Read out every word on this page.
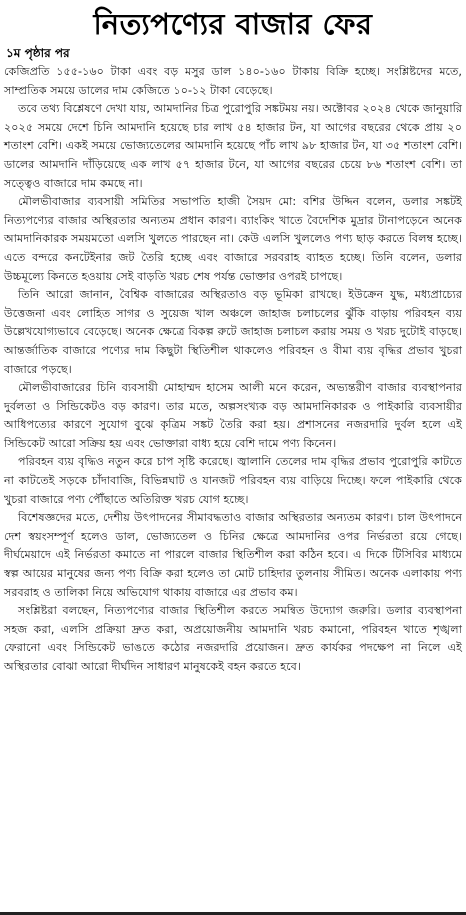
নিত্যপণ্যের বাজার ফের
১ম পৃষ্ঠার পর

কেজিপ্রতি ১৫৫-১৬০ টাকা এবং বড় মসুর ডাল ১৪০-১৬০ টাকায় বিক্রি হচ্ছে। সংশ্লিষ্টদের মতে, সাম্প্রতিক সময়ে ডালের দাম কেজিতে ১০-১২ টাকা বেড়েছে।

তবে তথ্য বিশ্লেষণে দেখা যায়, আমদানির চিত্র পুরোপুরি সঙ্কটময় নয়। অক্টোবর ২০২৪ থেকে জানুয়ারি ২০২৫ সময়ে দেশে চিনি আমদানি হয়েছে চার লাখ ৫৪ হাজার টন, যা আগের বছরের থেকে প্রায় ২০ শতাংশ বেশি। একই সময়ে ভোজ্যতেলের আমদানি হয়েছে পাঁচ লাখ ৯৮ হাজার টন, যা ৩৫ শতাংশ বেশি। ডালের আমদানি দাঁড়িয়েছে এক লাখ ৫৭ হাজার টনে, যা আগের বছরের চেয়ে ৮৬ শতাংশ বেশি। তা সত্ত্বেও বাজারে দাম কমছে না।

মৌলভীবাজার ব্যবসায়ী সমিতির সভাপতি হাজী সৈয়দ মো: বশির উদ্দিন বলেন, ডলার সঙ্কটই নিত্যপণ্যের বাজার অস্থিরতার অন্যতম প্রধান কারণ। ব্যাংকিং খাতে বৈদেশিক মুদ্রার টানাপড়েনে অনেক আমদানিকারক সময়মতো এলসি খুলতে পারছেন না। কেউ এলসি খুললেও পণ্য ছাড় করতে বিলম্ব হচ্ছে। এতে বন্দরে কনটেইনার জট তৈরি হচ্ছে এবং বাজারে সরবরাহ ব্যাহত হচ্ছে। তিনি বলেন, ডলার উচ্চমূল্যে কিনতে হওয়ায় সেই বাড়তি খরচ শেষ পর্যন্ত ভোক্তার ওপরই চাপছে।

তিনি আরো জানান, বৈশ্বিক বাজারের অস্থিরতাও বড় ভূমিকা রাখছে। ইউক্রেন যুদ্ধ, মধ্যপ্রাচ্যের উত্তেজনা এবং লোহিত সাগর ও সুয়েজ খাল অঞ্চলে জাহাজ চলাচলের ঝুঁকি বাড়ায় পরিবহন ব্যয় উল্লেখযোগ্যভাবে বেড়েছে। অনেক ক্ষেত্রে বিকল্প রুটে জাহাজ চলাচল করায় সময় ও খরচ দুটোই বাড়ছে। আন্তর্জাতিক বাজারে পণ্যের দাম কিছুটা স্থিতিশীল থাকলেও পরিবহন ও বীমা ব্যয় বৃদ্ধির প্রভাব খুচরা বাজারে পড়ছে।

মৌলভীবাজারের চিনি ব্যবসায়ী মোহাম্মদ হাসেম আলী মনে করেন, অভ্যন্তরীণ বাজার ব্যবস্থাপনার দুর্বলতা ও সিন্ডিকেটও বড় কারণ। তার মতে, অল্পসংখ্যক বড় আমদানিকারক ও পাইকারি ব্যবসায়ীর আধিপত্যের কারণে সুযোগ বুঝে কৃত্রিম সঙ্কট তৈরি করা হয়। প্রশাসনের নজরদারি দুর্বল হলে এই সিন্ডিকেট আরো সক্রিয় হয় এবং ভোক্তারা বাধ্য হয়ে বেশি দামে পণ্য কিনেন।

পরিবহন ব্যয় বৃদ্ধিও নতুন করে চাপ সৃষ্টি করেছে। জ্বালানি তেলের দাম বৃদ্ধির প্রভাব পুরোপুরি কাটতে না কাটতেই সড়কে চাঁদাবাজি, বিভিন্নঘাট ও যানজট পরিবহন ব্যয় বাড়িয়ে দিচ্ছে। ফলে পাইকারি থেকে খুচরা বাজারে পণ্য পৌঁছাতে অতিরিক্ত খরচ যোগ হচ্ছে।

বিশেষজ্ঞদের মতে, দেশীয় উৎপাদনের সীমাবদ্ধতাও বাজার অস্থিরতার অন্যতম কারণ। চাল উৎপাদনে দেশ স্বয়ংসম্পূর্ণ হলেও ডাল, ভোজ্যতেল ও চিনির ক্ষেত্রে আমদানির ওপর নির্ভরতা রয়ে গেছে। দীর্ঘমেয়াদে এই নির্ভরতা কমাতে না পারলে বাজার স্থিতিশীল করা কঠিন হবে। এ দিকে টিসিবির মাধ্যমে স্বল্প আয়ের মানুষের জন্য পণ্য বিক্রি করা হলেও তা মোট চাহিদার তুলনায় সীমিত। অনেক এলাকায় পণ্য সরবরাহ ও তালিকা নিয়ে অভিযোগ থাকায় বাজারে এর প্রভাব কম।

সংশ্লিষ্টরা বলছেন, নিত্যপণ্যের বাজার স্থিতিশীল করতে সমন্বিত উদ্যোগ জরুরি। ডলার ব্যবস্থাপনা সহজ করা, এলসি প্রক্রিয়া দ্রুত করা, অপ্রয়োজনীয় আমদানি খরচ কমানো, পরিবহন খাতে শৃঙ্খলা ফেরানো এবং সিন্ডিকেট ভাঙতে কঠোর নজরদারি প্রয়োজন। দ্রুত কার্যকর পদক্ষেপ না নিলে এই অস্থিরতার বোঝা আরো দীর্ঘদিন সাধারণ মানুষকেই বহন করতে হবে।
